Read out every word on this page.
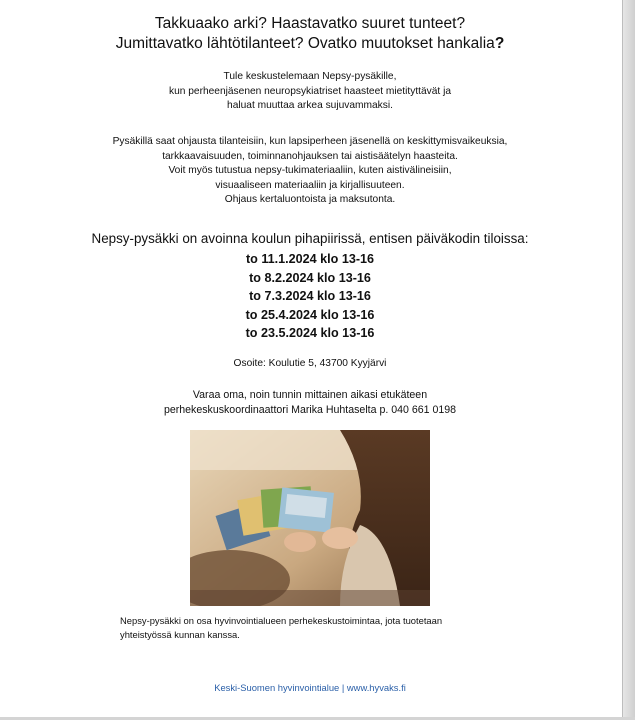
Takkuaako arki? Haastavatko suuret tunteet?
Jumittavatko lähtötilanteet? Ovatko muutokset hankalia?
Tule keskustelemaan Nepsy-pysäkille,
kun perheenjäsenen neuropsykiatriset haasteet mietityttävät ja
haluat muuttaa arkea sujuvammaksi.
Pysäkillä saat ohjausta tilanteisiin, kun lapsiperheen jäsenellä on keskittymisvaikeuksia,
tarkkaavaisuuden, toiminnanohjauksen tai aistisäätelyn haasteita.
Voit myös tutustua nepsy-tukimateriaaliin, kuten aistivälineisiin,
visuaaliseen materiaaliin ja kirjallisuuteen.
Ohjaus kertaluontoista ja maksutonta.
Nepsy-pysäkki on avoinna koulun pihapiirissä, entisen päiväkodin tiloissa:
to 11.1.2024 klo 13-16
to 8.2.2024 klo 13-16
to 7.3.2024 klo 13-16
to 25.4.2024 klo 13-16
to 23.5.2024 klo 13-16
Osoite: Koulutie 5, 43700 Kyyjärvi
Varaa oma, noin tunnin mittainen aikasi etukäteen
perhekeskuskoordinaattori Marika Huhtaselta p. 040 661 0198
Nepsy-pysäkki on osa hyvinvointialueen perhekeskustoimintaa, jota tuotetaan
yhteistyössä kunnan kanssa.
Keski-Suomen hyvinvointialue | www.hyvaks.fi
